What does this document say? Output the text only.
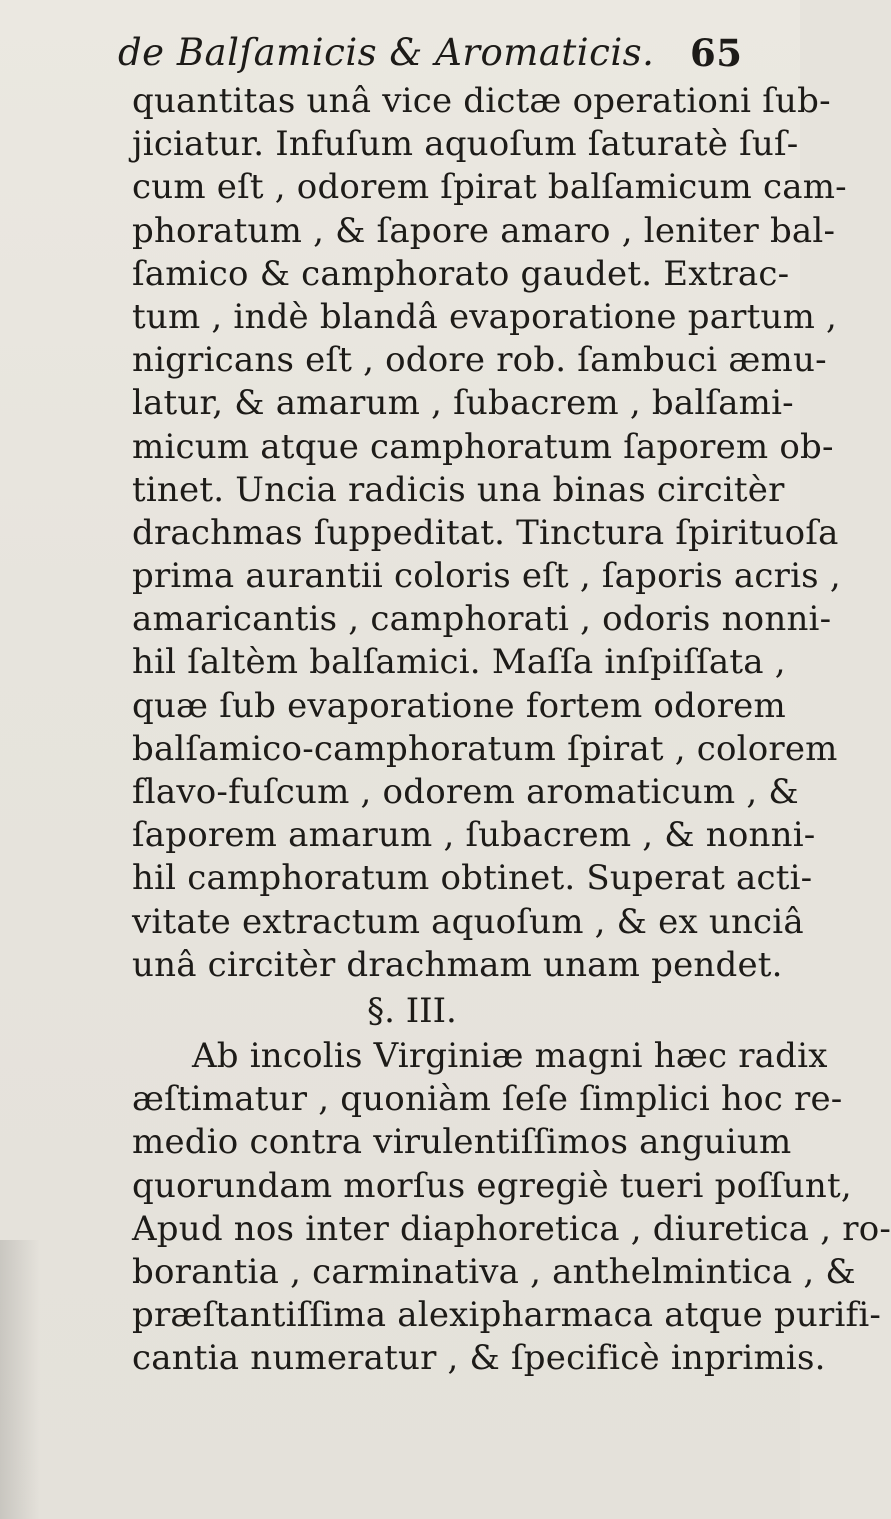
de Balſamicis & Aromaticis. 65
quantitas unâ vice dictæ operationi ſub-
jiciatur. Infuſum aquoſum ſaturatè ſuſ-
cum eſt , odorem ſpirat balſamicum cam-
phoratum , & ſapore amaro , leniter bal-
ſamico & camphorato gaudet. Extrac-
tum , indè blandâ evaporatione partum ,
nigricans eſt , odore rob. ſambuci æmu-
latur, & amarum , ſubacrem , balſami-
micum atque camphoratum ſaporem ob-
tinet. Uncia radicis una binas circitèr
drachmas ſuppeditat. Tinctura ſpirituoſa
prima aurantii coloris eſt , ſaporis acris ,
amaricantis , camphorati , odoris nonni-
hil ſaltèm balſamici. Maſſa inſpiſſata ,
quæ ſub evaporatione fortem odorem
balſamico-camphoratum ſpirat , colorem
flavo-fuſcum , odorem aromaticum , &
ſaporem amarum , ſubacrem , & nonni-
hil camphoratum obtinet. Superat acti-
vitate extractum aquoſum , & ex unciâ
unâ circitèr drachmam unam pendet.
§. III.
Ab incolis Virginiæ magni hæc radix
æſtimatur , quoniàm ſeſe ſimplici hoc re-
medio contra virulentiſſimos anguium
quorundam morſus egregiè tueri poſſunt,
Apud nos inter diaphoretica , diuretica , ro-
borantia , carminativa , anthelmintica , &
præſtantiſſima alexipharmaca atque purifi-
cantia numeratur , & ſpecificè inprimis.
